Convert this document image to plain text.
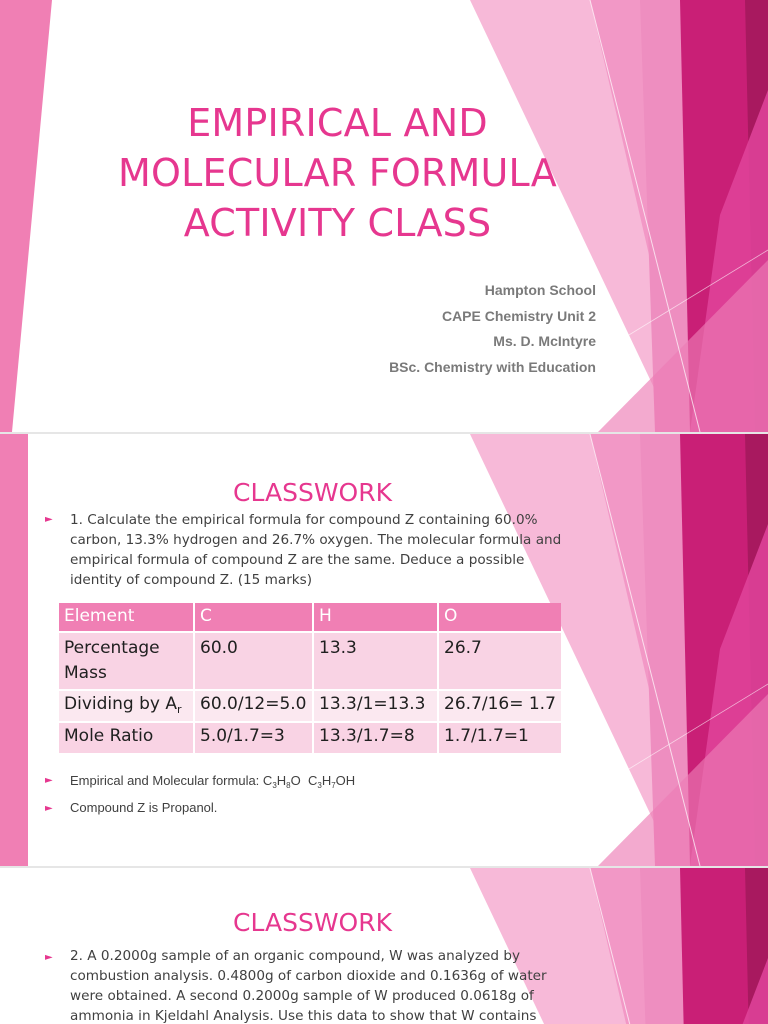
EMPIRICAL AND
MOLECULAR FORMULA
ACTIVITY CLASS
Hampton School
CAPE Chemistry Unit 2
Ms. D. McIntyre
BSc. Chemistry with Education
CLASSWORK
► 1. Calculate the empirical formula for compound Z containing 60.0%
carbon, 13.3% hydrogen and 26.7% oxygen. The molecular formula and
empirical formula of compound Z are the same. Deduce a possible
identity of compound Z. (15 marks)
Element	C	H	O
Percentage Mass	60.0	13.3	26.7
Dividing by $A_r$	60.0/12=5.0	13.3/1=13.3	26.7/16= 1.7
Mole Ratio	5.0/1.7=3	13.3/1.7=8	1.7/1.7=1
► Empirical and Molecular formula: $C_3H_8O$ $C_3H_7OH$
► Compound Z is Propanol.
CLASSWORK
► 2. A 0.2000g sample of an organic compound, W was analyzed by
combustion analysis. 0.4800g of carbon dioxide and 0.1636g of water
were obtained. A second 0.2000g sample of W produced 0.0618g of
ammonia in Kjeldahl Analysis. Use this data to show that W contains
